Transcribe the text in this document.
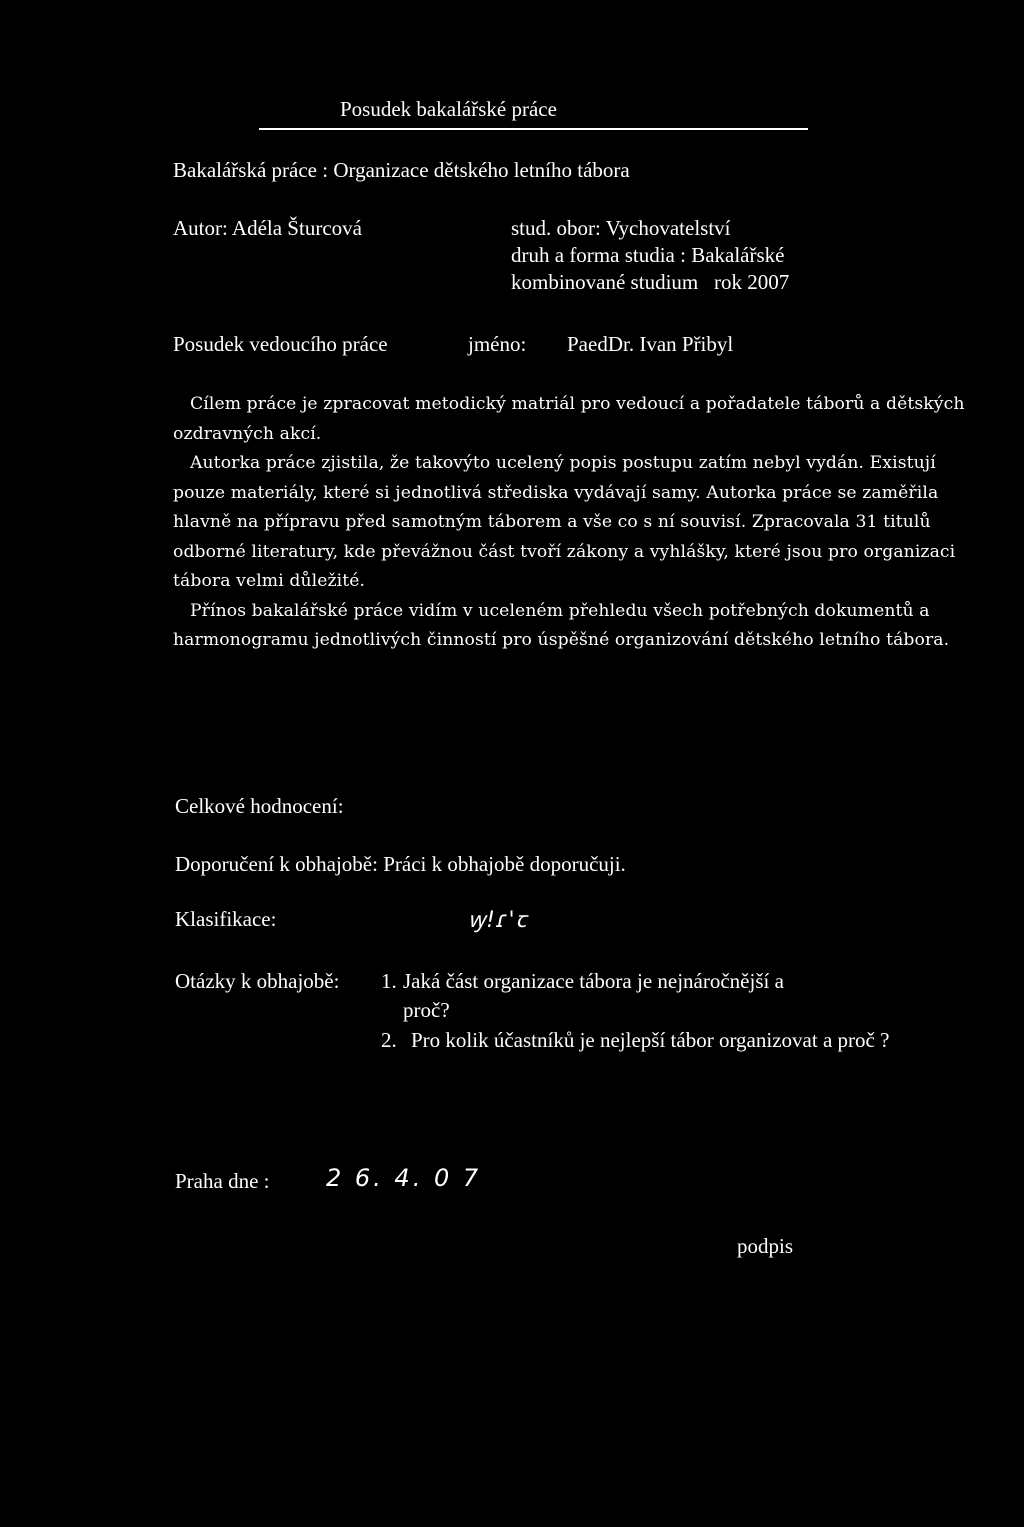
Posudek bakalářské práce
Bakalářská práce : Organizace dětského letního tábora
Autor: Adéla Šturcová	stud. obor: Vychovatelství
druh a forma studia : Bakalářské
kombinované studium   rok 2007
Posudek vedoucího práce	jméno: PaedDr. Ivan Přibyl

Cílem práce je zpracovat metodický matriál pro vedoucí a pořadatele táborů a dětských ozdravných akcí.

Autorka práce zjistila, že takovýto ucelený popis postupu zatím nebyl vydán. Existují pouze materiály, které si jednotlivá střediska vydávají samy. Autorka práce se zaměřila hlavně na přípravu před samotným táborem a vše co s ní souvisí. Zpracovala 31 titulů odborné literatury, kde převážnou část tvoří zákony a vyhlášky, které jsou pro organizaci tábora velmi důležité.

Přínos bakalářské práce vidím v uceleném přehledu všech potřebných dokumentů a harmonogramu jednotlivých činností pro úspěšné organizování dětského letního tábora.

Celkové hodnocení:
Doporučení k obhajobě: Práci k obhajobě doporučuji.
Klasifikace:	ꝡ!ɾ'ꞇ
Otázky k obhajobě: 1. Jaká část organizace tábora je nejnáročnější a
proč?
2. Pro kolik účastníků je nejlepší tábor organizovat a proč ?
Praha dne : 2 6. 4. 0 7
podpis
